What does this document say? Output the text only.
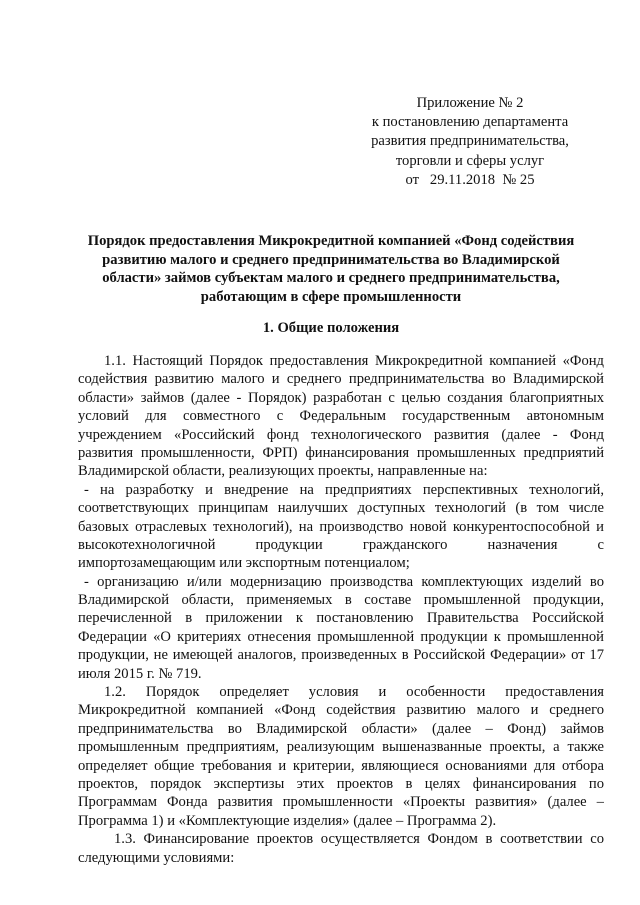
Приложение № 2
к постановлению департамента
развития предпринимательства,
торговли и сферы услуг
от   29.11.2018  № 25
Порядок предоставления Микрокредитной компанией «Фонд содействия
развитию малого и среднего предпринимательства во Владимирской
области» займов субъектам малого и среднего предпринимательства,
работающим в сфере промышленности
1. Общие положения
1.1. Настоящий Порядок предоставления Микрокредитной компанией «Фонд
содействия развитию малого и среднего предпринимательства во Владимирской
области» займов (далее - Порядок) разработан с целью создания благоприятных
условий для совместного с Федеральным государственным автономным
учреждением «Российский фонд технологического развития (далее - Фонд
развития промышленности, ФРП) финансирования промышленных предприятий
Владимирской области, реализующих проекты, направленные на:
- на разработку и внедрение на предприятиях перспективных технологий,
соответствующих принципам наилучших доступных технологий (в том числе
базовых отраслевых технологий), на производство новой конкурентоспособной и
высокотехнологичной продукции гражданского назначения с
импортозамещающим или экспортным потенциалом;
- организацию и/или модернизацию производства комплектующих изделий во
Владимирской области, применяемых в составе промышленной продукции,
перечисленной в приложении к постановлению Правительства Российской
Федерации «О критериях отнесения промышленной продукции к промышленной
продукции, не имеющей аналогов, произведенных в Российской Федерации» от 17
июля 2015 г. № 719.
1.2. Порядок определяет условия и особенности предоставления
Микрокредитной компанией «Фонд содействия развитию малого и среднего
предпринимательства во Владимирской области» (далее – Фонд) займов
промышленным предприятиям, реализующим вышеназванные проекты, а также
определяет общие требования и критерии, являющиеся основаниями для отбора
проектов, порядок экспертизы этих проектов в целях финансирования по
Программам Фонда развития промышленности «Проекты развития» (далее –
Программа 1) и «Комплектующие изделия» (далее – Программа 2).
1.3. Финансирование проектов осуществляется Фондом в соответствии со
следующими условиями:
